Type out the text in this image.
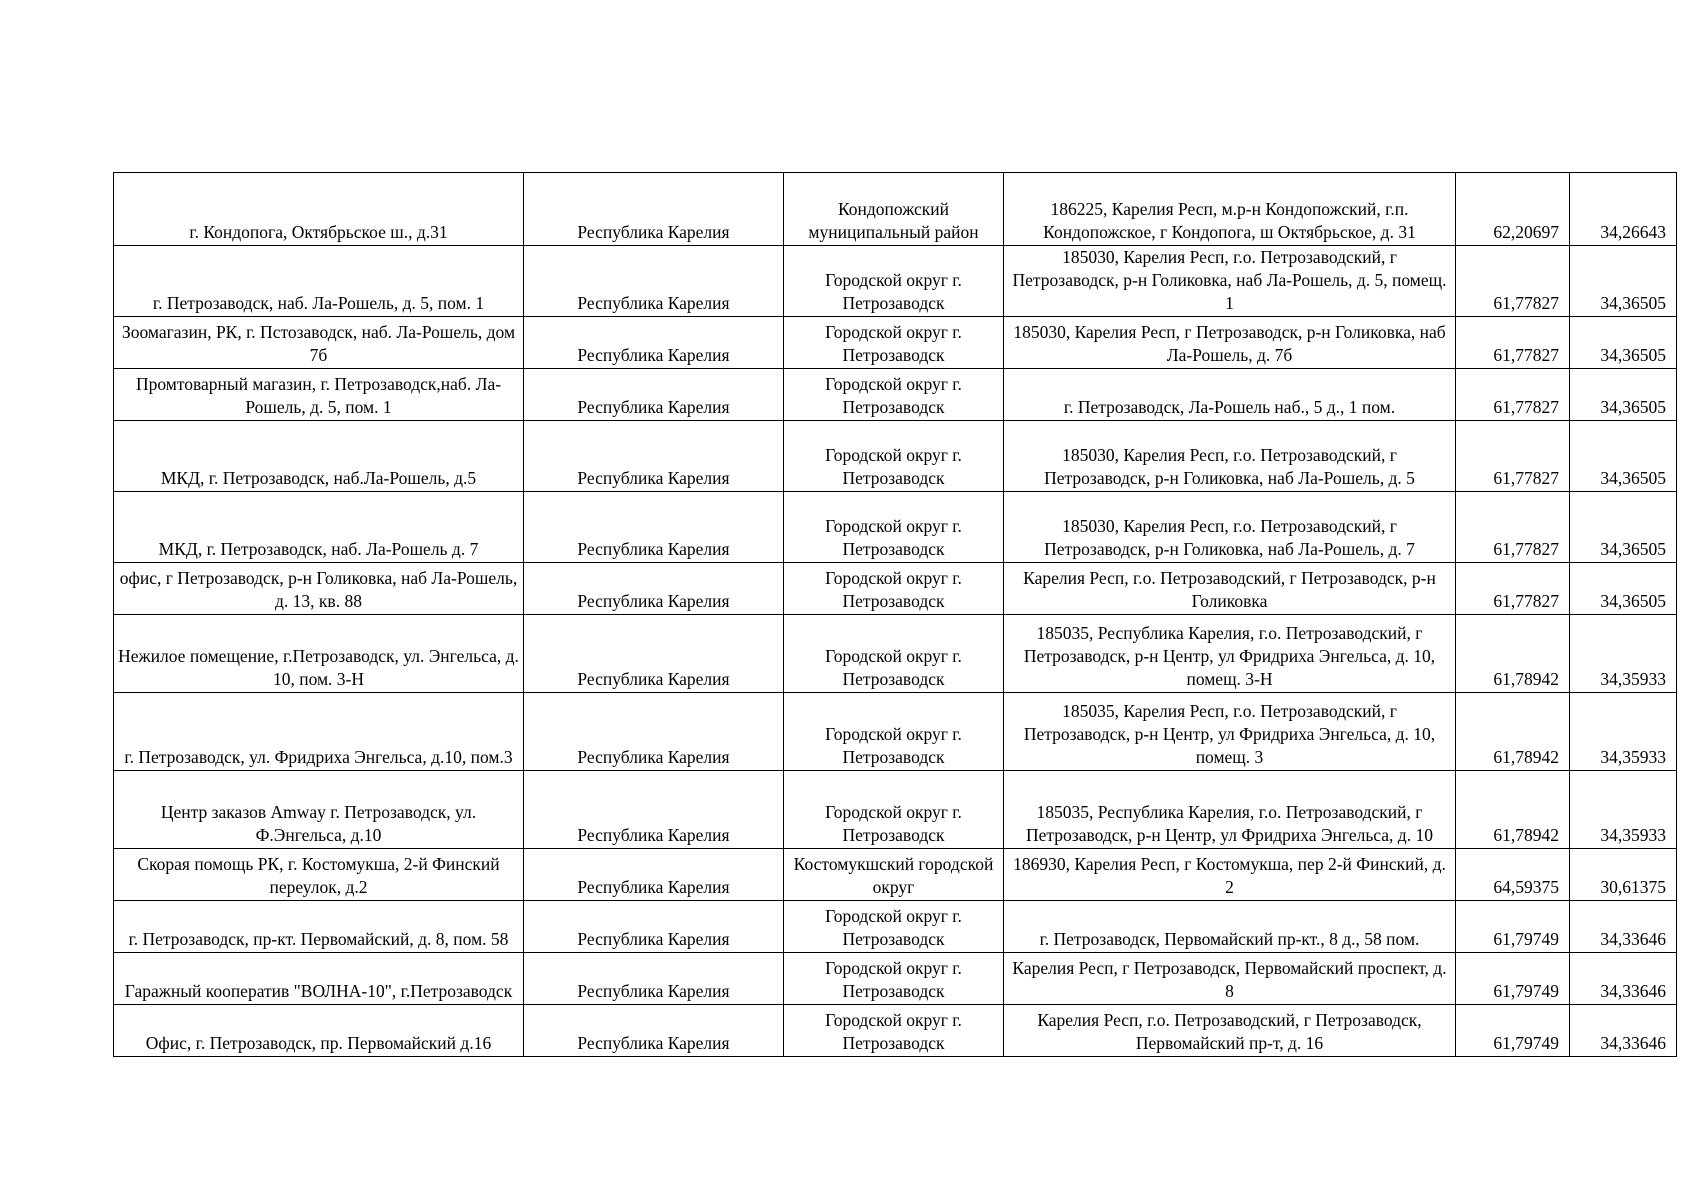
г. Кондопога, Октябрьское ш., д.31	Республика Карелия	Кондопожский муниципальный район	186225, Карелия Респ, м.р-н Кондопожский, г.п. Кондопожское, г Кондопога, ш Октябрьское, д. 31	62,20697	34,26643
г. Петрозаводск, наб. Ла-Рошель, д. 5, пом. 1	Республика Карелия	Городской округ г. Петрозаводск	185030, Карелия Респ, г.о. Петрозаводский, г Петрозаводск, р-н Голиковка, наб Ла-Рошель, д. 5, помещ. 1	61,77827	34,36505
Зоомагазин, РК, г. Пстозаводск, наб. Ла-Рошель, дом 7б	Республика Карелия	Городской округ г. Петрозаводск	185030, Карелия Респ, г Петрозаводск, р-н Голиковка, наб Ла-Рошель, д. 7б	61,77827	34,36505
Промтоварный магазин, г. Петрозаводск,наб. Ла-Рошель, д. 5, пом. 1	Республика Карелия	Городской округ г. Петрозаводск	г. Петрозаводск, Ла-Рошель наб., 5 д., 1 пом.	61,77827	34,36505
МКД, г. Петрозаводск, наб.Ла-Рошель, д.5	Республика Карелия	Городской округ г. Петрозаводск	185030, Карелия Респ, г.о. Петрозаводский, г Петрозаводск, р-н Голиковка, наб Ла-Рошель, д. 5	61,77827	34,36505
МКД, г. Петрозаводск, наб. Ла-Рошель д. 7	Республика Карелия	Городской округ г. Петрозаводск	185030, Карелия Респ, г.о. Петрозаводский, г Петрозаводск, р-н Голиковка, наб Ла-Рошель, д. 7	61,77827	34,36505
офис, г Петрозаводск, р-н Голиковка, наб Ла-Рошель, д. 13, кв. 88	Республика Карелия	Городской округ г. Петрозаводск	Карелия Респ, г.о. Петрозаводский, г Петрозаводск, р-н Голиковка	61,77827	34,36505
Нежилое помещение, г.Петрозаводск, ул. Энгельса, д. 10, пом. 3-Н	Республика Карелия	Городской округ г. Петрозаводск	185035, Республика Карелия, г.о. Петрозаводский, г Петрозаводск, р-н Центр, ул Фридриха Энгельса, д. 10, помещ. 3-Н	61,78942	34,35933
г. Петрозаводск, ул. Фридриха Энгельса, д.10, пом.3	Республика Карелия	Городской округ г. Петрозаводск	185035, Карелия Респ, г.о. Петрозаводский, г Петрозаводск, р-н Центр, ул Фридриха Энгельса, д. 10, помещ. 3	61,78942	34,35933
Центр заказов Amway г. Петрозаводск, ул. Ф.Энгельса, д.10	Республика Карелия	Городской округ г. Петрозаводск	185035, Республика Карелия, г.о. Петрозаводский, г Петрозаводск, р-н Центр, ул Фридриха Энгельса, д. 10	61,78942	34,35933
Скорая помощь РК, г. Костомукша, 2-й Финский переулок, д.2	Республика Карелия	Костомукшский городской округ	186930, Карелия Респ, г Костомукша, пер 2-й Финский, д. 2	64,59375	30,61375
г. Петрозаводск, пр-кт. Первомайский, д. 8, пом. 58	Республика Карелия	Городской округ г. Петрозаводск	г. Петрозаводск, Первомайский пр-кт., 8 д., 58 пом.	61,79749	34,33646
Гаражный кооператив "ВОЛНА-10", г.Петрозаводск	Республика Карелия	Городской округ г. Петрозаводск	Карелия Респ, г Петрозаводск, Первомайский проспект, д. 8	61,79749	34,33646
Офис, г. Петрозаводск, пр. Первомайский д.16	Республика Карелия	Городской округ г. Петрозаводск	Карелия Респ, г.о. Петрозаводский, г Петрозаводск, Первомайский пр-т, д. 16	61,79749	34,33646
